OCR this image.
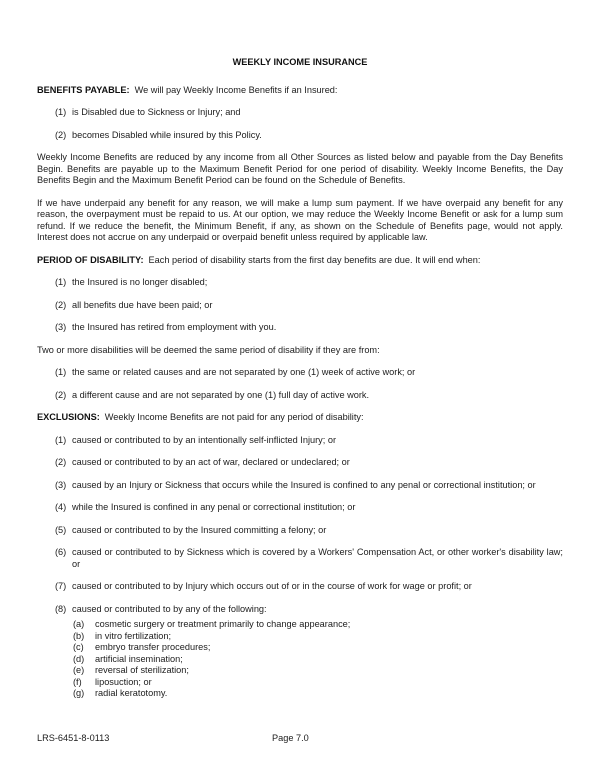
WEEKLY INCOME INSURANCE

BENEFITS PAYABLE: We will pay Weekly Income Benefits if an Insured:

(1) is Disabled due to Sickness or Injury; and
(2) becomes Disabled while insured by this Policy.

Weekly Income Benefits are reduced by any income from all Other Sources as listed below and payable from the Day Benefits Begin. Benefits are payable up to the Maximum Benefit Period for one period of disability. Weekly Income Benefits, the Day Benefits Begin and the Maximum Benefit Period can be found on the Schedule of Benefits.

If we have underpaid any benefit for any reason, we will make a lump sum payment. If we have overpaid any benefit for any reason, the overpayment must be repaid to us. At our option, we may reduce the Weekly Income Benefit or ask for a lump sum refund. If we reduce the benefit, the Minimum Benefit, if any, as shown on the Schedule of Benefits page, would not apply. Interest does not accrue on any underpaid or overpaid benefit unless required by applicable law.

PERIOD OF DISABILITY: Each period of disability starts from the first day benefits are due. It will end when:

(1) the Insured is no longer disabled;
(2) all benefits due have been paid; or
(3) the Insured has retired from employment with you.

Two or more disabilities will be deemed the same period of disability if they are from:

(1) the same or related causes and are not separated by one (1) week of active work; or
(2) a different cause and are not separated by one (1) full day of active work.

EXCLUSIONS: Weekly Income Benefits are not paid for any period of disability:

(1) caused or contributed to by an intentionally self-inflicted Injury; or
(2) caused or contributed to by an act of war, declared or undeclared; or
(3) caused by an Injury or Sickness that occurs while the Insured is confined to any penal or correctional institution; or
(4) while the Insured is confined in any penal or correctional institution; or
(5) caused or contributed to by the Insured committing a felony; or
(6) caused or contributed to by Sickness which is covered by a Workers' Compensation Act, or other worker's disability law; or
(7) caused or contributed to by Injury which occurs out of or in the course of work for wage or profit; or
(8) caused or contributed to by any of the following:
(a) cosmetic surgery or treatment primarily to change appearance;
(b) in vitro fertilization;
(c) embryo transfer procedures;
(d) artificial insemination;
(e) reversal of sterilization;
(f) liposuction; or
(g) radial keratotomy.
LRS-6451-8-0113	Page 7.0
